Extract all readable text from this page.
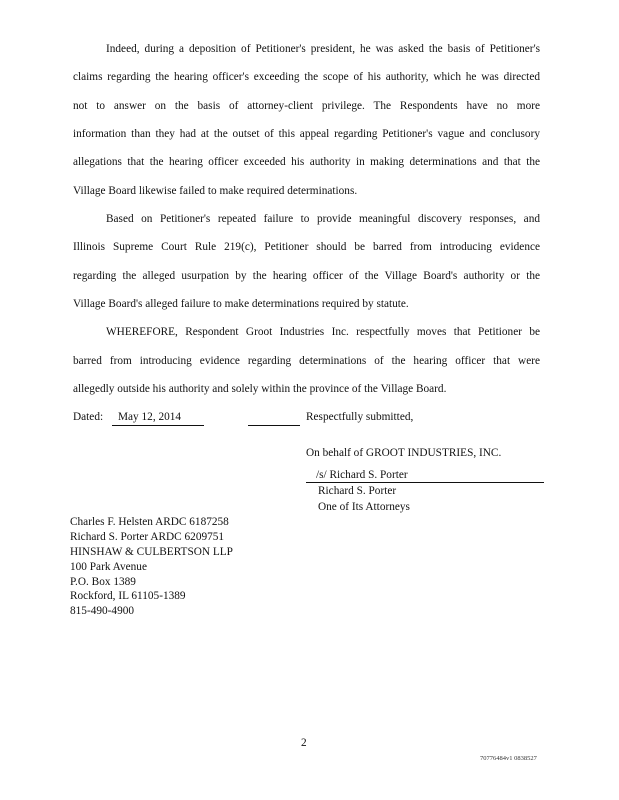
Indeed, during a deposition of Petitioner's president, he was asked the basis of Petitioner's
claims regarding the hearing officer's exceeding the scope of his authority, which he was directed
not to answer on the basis of attorney-client privilege. The Respondents have no more
information than they had at the outset of this appeal regarding Petitioner's vague and conclusory
allegations that the hearing officer exceeded his authority in making determinations and that the
Village Board likewise failed to make required determinations.
Based on Petitioner's repeated failure to provide meaningful discovery responses, and
Illinois Supreme Court Rule 219(c), Petitioner should be barred from introducing evidence
regarding the alleged usurpation by the hearing officer of the Village Board's authority or the
Village Board's alleged failure to make determinations required by statute.
WHEREFORE, Respondent Groot Industries Inc. respectfully moves that Petitioner be
barred from introducing evidence regarding determinations of the hearing officer that were
allegedly outside his authority and solely within the province of the Village Board.
Dated: May 12, 2014	Respectfully submitted,
On behalf of GROOT INDUSTRIES, INC.
/s/ Richard S. Porter
Richard S. Porter
One of Its Attorneys
Charles F. Helsten ARDC 6187258
Richard S. Porter ARDC 6209751
HINSHAW & CULBERTSON LLP
100 Park Avenue
P.O. Box 1389
Rockford, IL 61105-1389
815-490-4900
2
70776484v1 0838527
